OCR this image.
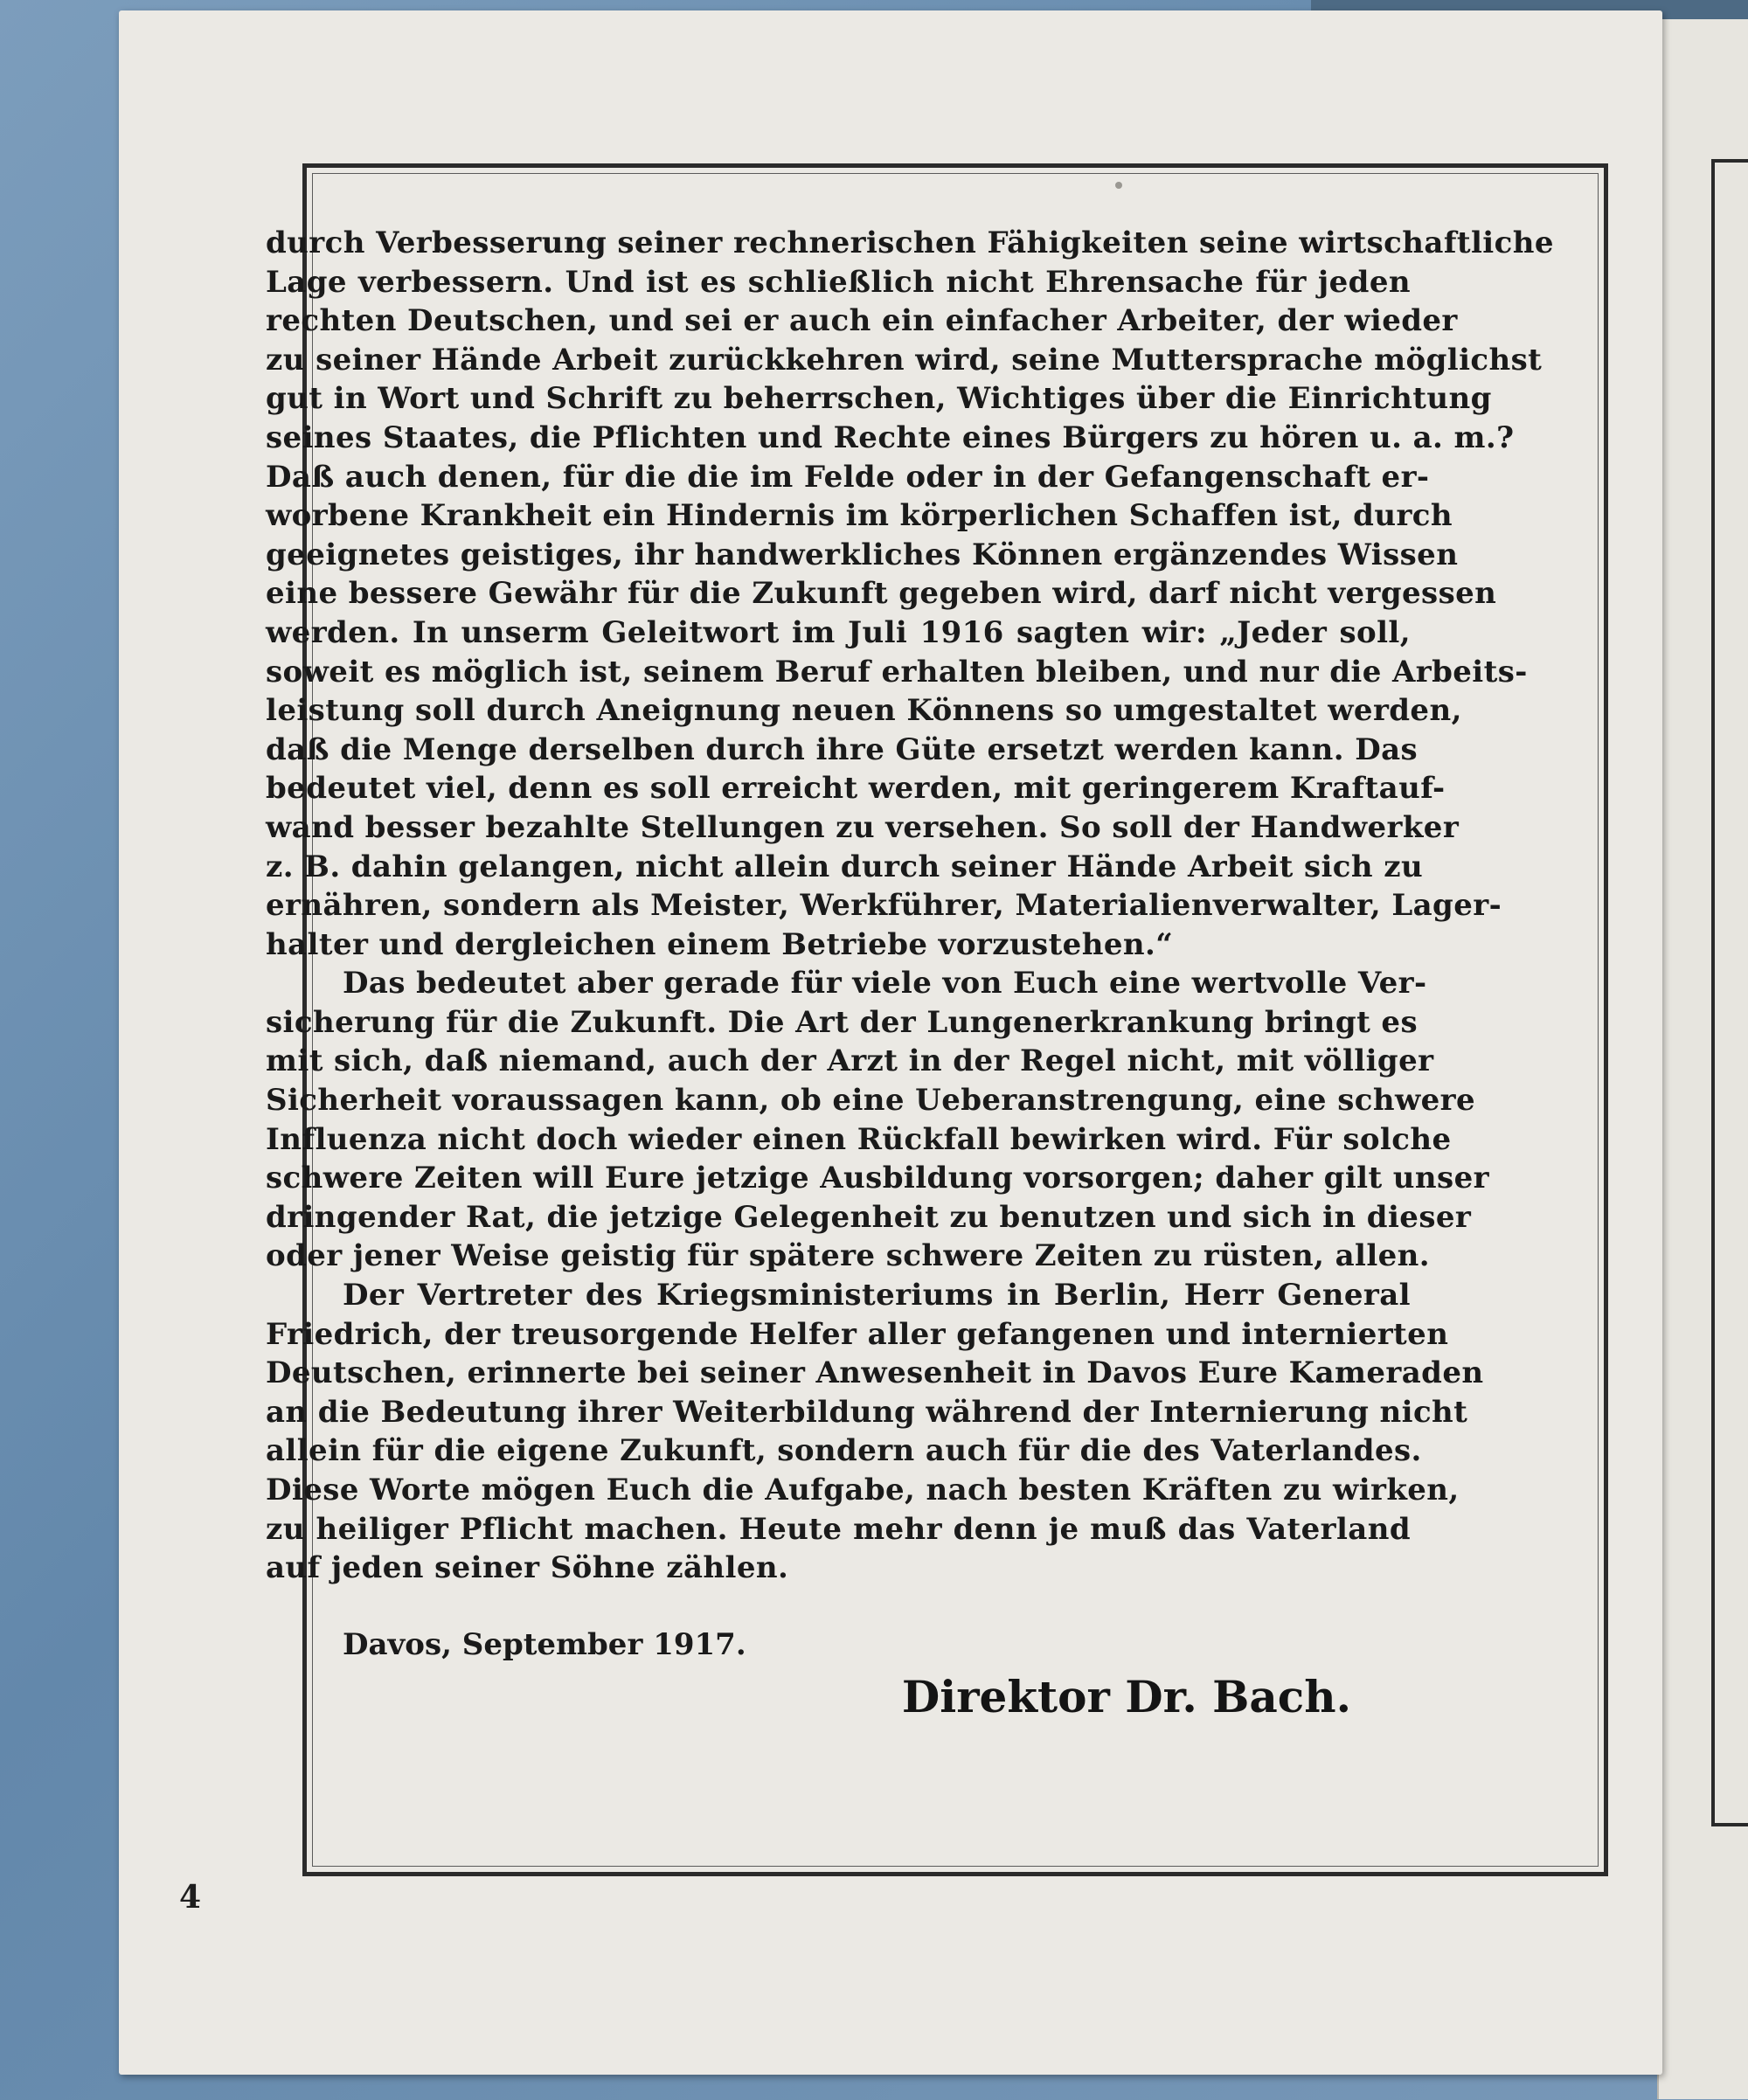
durch Verbesserung seiner rechnerischen Fähigkeiten seine wirtschaftliche
Lage verbessern. Und ist es schließlich nicht Ehrensache für jeden
rechten Deutschen, und sei er auch ein einfacher Arbeiter, der wieder
zu seiner Hände Arbeit zurückkehren wird, seine Muttersprache möglichst
gut in Wort und Schrift zu beherrschen, Wichtiges über die Einrichtung
seines Staates, die Pflichten und Rechte eines Bürgers zu hören u. a. m.?
Daß auch denen, für die die im Felde oder in der Gefangenschaft er-
worbene Krankheit ein Hindernis im körperlichen Schaffen ist, durch
geeignetes geistiges, ihr handwerkliches Können ergänzendes Wissen
eine bessere Gewähr für die Zukunft gegeben wird, darf nicht vergessen
werden. In unserm Geleitwort im Juli 1916 sagten wir: „Jeder soll,
soweit es möglich ist, seinem Beruf erhalten bleiben, und nur die Arbeits-
leistung soll durch Aneignung neuen Könnens so umgestaltet werden,
daß die Menge derselben durch ihre Güte ersetzt werden kann. Das
bedeutet viel, denn es soll erreicht werden, mit geringerem Kraftauf-
wand besser bezahlte Stellungen zu versehen. So soll der Handwerker
z. B. dahin gelangen, nicht allein durch seiner Hände Arbeit sich zu
ernähren, sondern als Meister, Werkführer, Materialienverwalter, Lager-
halter und dergleichen einem Betriebe vorzustehen.“
Das bedeutet aber gerade für viele von Euch eine wertvolle Ver-
sicherung für die Zukunft. Die Art der Lungenerkrankung bringt es
mit sich, daß niemand, auch der Arzt in der Regel nicht, mit völliger
Sicherheit voraussagen kann, ob eine Ueberanstrengung, eine schwere
Influenza nicht doch wieder einen Rückfall bewirken wird. Für solche
schwere Zeiten will Eure jetzige Ausbildung vorsorgen; daher gilt unser
dringender Rat, die jetzige Gelegenheit zu benutzen und sich in dieser
oder jener Weise geistig für spätere schwere Zeiten zu rüsten, allen.
Der Vertreter des Kriegsministeriums in Berlin, Herr General
Friedrich, der treusorgende Helfer aller gefangenen und internierten
Deutschen, erinnerte bei seiner Anwesenheit in Davos Eure Kameraden
an die Bedeutung ihrer Weiterbildung während der Internierung nicht
allein für die eigene Zukunft, sondern auch für die des Vaterlandes.
Diese Worte mögen Euch die Aufgabe, nach besten Kräften zu wirken,
zu heiliger Pflicht machen. Heute mehr denn je muß das Vaterland
auf jeden seiner Söhne zählen.
Davos, September 1917.
Direktor Dr. Bach.
4
